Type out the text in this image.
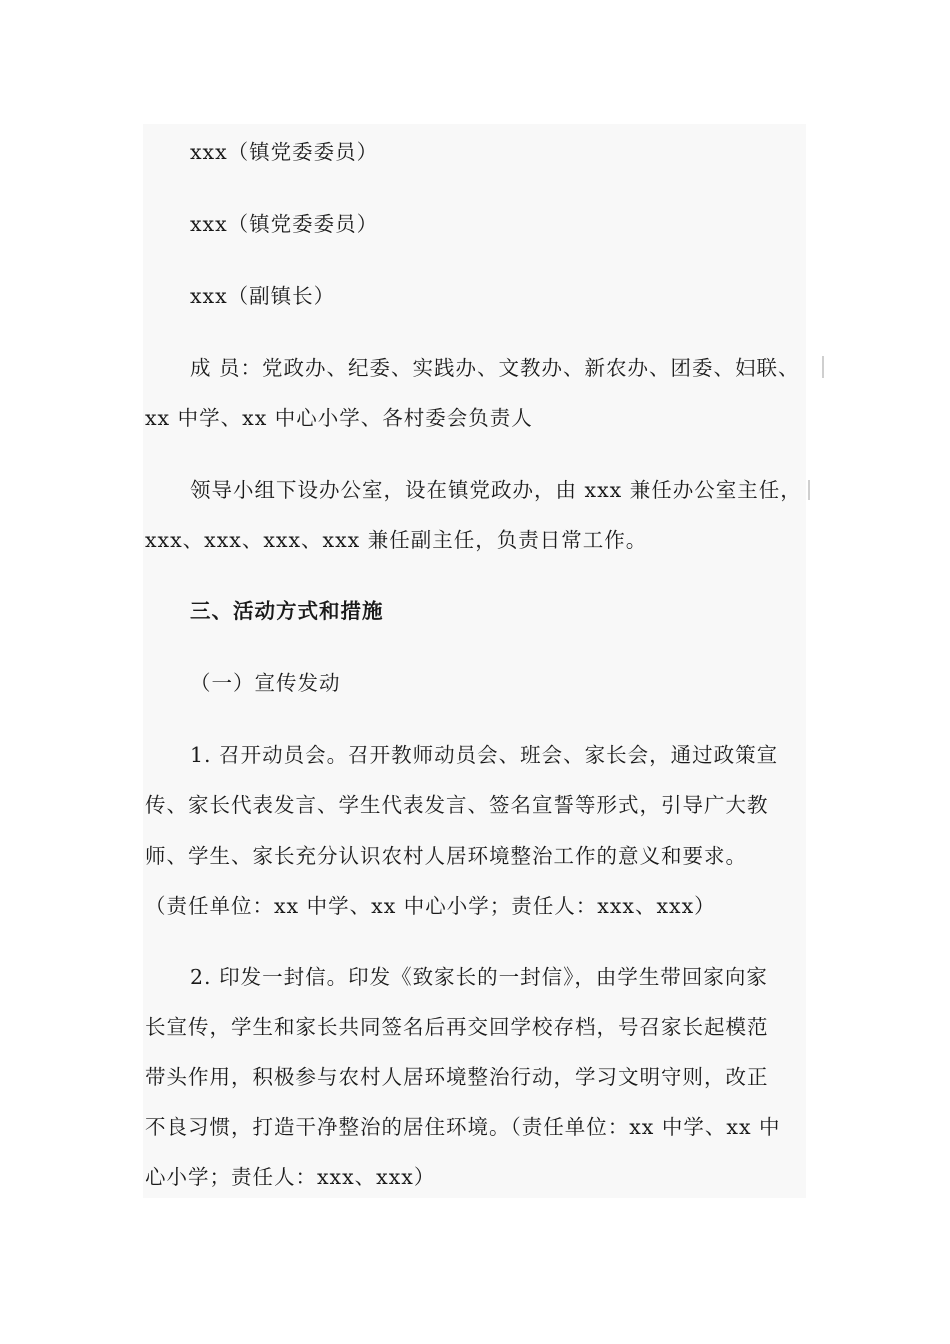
xxx（镇党委委员）
xxx（镇党委委员）
xxx（副镇长）
成 员：党政办、纪委、实践办、文教办、新农办、团委、妇联、
xx 中学、xx 中心小学、各村委会负责人
领导小组下设办公室，设在镇党政办，由 xxx 兼任办公室主任，
xxx、xxx、xxx、xxx 兼任副主任，负责日常工作。
三、活动方式和措施
（一）宣传发动
1. 召开动员会。召开教师动员会、班会、家长会，通过政策宣
传、家长代表发言、学生代表发言、签名宣誓等形式，引导广大教
师、学生、家长充分认识农村人居环境整治工作的意义和要求。
（责任单位：xx 中学、xx 中心小学；责任人：xxx、xxx）
2. 印发一封信。印发《致家长的一封信》，由学生带回家向家
长宣传，学生和家长共同签名后再交回学校存档，号召家长起模范
带头作用，积极参与农村人居环境整治行动，学习文明守则，改正
不良习惯，打造干净整治的居住环境。（责任单位：xx 中学、xx 中
心小学；责任人：xxx、xxx）
